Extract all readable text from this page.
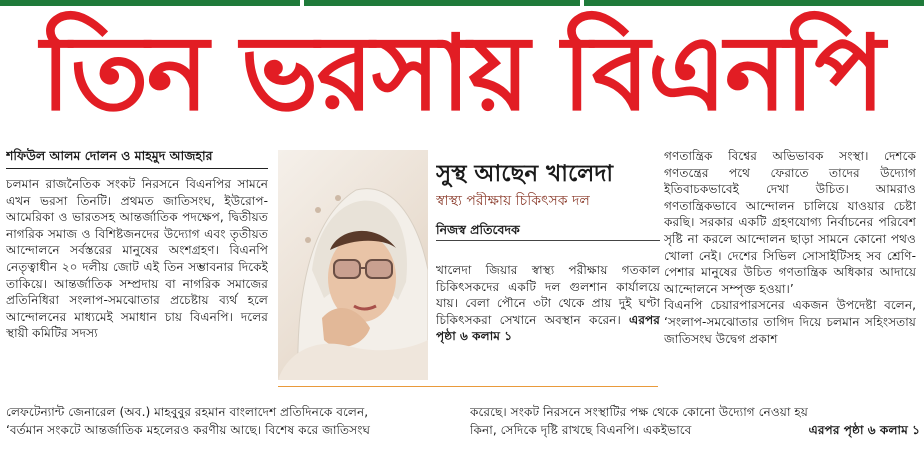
তিন ভরসায় বিএনপি
শফিউল আলম দোলন ও মাহমুদ আজহার

চলমান রাজনৈতিক সংকট নিরসনে বিএনপির সামনে এখন ভরসা তিনটি। প্রথমত জাতিসংঘ, ইউরোপ-আমেরিকা ও ভারতসহ আন্তর্জাতিক পদক্ষেপ, দ্বিতীয়ত নাগরিক সমাজ ও বিশিষ্টজনদের উদ্যোগ এবং তৃতীয়ত আন্দোলনে সর্বস্তরের মানুষের অংশগ্রহণ। বিএনপি নেতৃত্বাধীন ২০ দলীয় জোট এই তিন সম্ভাবনার দিকেই তাকিয়ে। আন্তর্জাতিক সম্প্রদায় বা নাগরিক সমাজের প্রতিনিধিরা সংলাপ-সমঝোতার প্রচেষ্টায় ব্যর্থ হলে আন্দোলনের মাধ্যমেই সমাধান চায় বিএনপি। দলের স্থায়ী কমিটির সদস্য

সুস্থ আছেন খালেদা
স্বাস্থ্য পরীক্ষায় চিকিৎসক দল
নিজস্ব প্রতিবেদক

খালেদা জিয়ার স্বাস্থ্য পরীক্ষায় গতকাল চিকিৎসকদের একটি দল গুলশান কার্যালয়ে যায়। বেলা পৌনে ৩টা থেকে প্রায় দুই ঘণ্টা চিকিৎসকরা সেখানে অবস্থান করেন। এরপর পৃষ্ঠা ৬ কলাম ১

গণতান্ত্রিক বিশ্বের অভিভাবক সংস্থা। দেশকে গণতন্ত্রের পথে ফেরাতে তাদের উদ্যোগ ইতিবাচকভাবেই দেখা উচিত। আমরাও গণতান্ত্রিকভাবে আন্দোলন চালিয়ে যাওয়ার চেষ্টা করছি। সরকার একটি গ্রহণযোগ্য নির্বাচনের পরিবেশ সৃষ্টি না করলে আন্দোলন ছাড়া সামনে কোনো পথও খোলা নেই। দেশের সিভিল সোসাইটিসহ সব শ্রেণি-পেশার মানুষের উচিত গণতান্ত্রিক অধিকার আদায়ে আন্দোলনে সম্পৃক্ত হওয়া।’

বিএনপি চেয়ারপারসনের একজন উপদেষ্টা বলেন, ‘সংলাপ-সমঝোতার তাগিদ দিয়ে চলমান সহিংসতায় জাতিসংঘ উদ্বেগ প্রকাশ

লেফটেন্যান্ট জেনারেল (অব.) মাহবুবুর রহমান বাংলাদেশ প্রতিদিনকে বলেন,
‘বর্তমান সংকটে আন্তর্জাতিক মহলেরও করণীয় আছে। বিশেষ করে জাতিসংঘ
করেছে। সংকট নিরসনে সংস্থাটির পক্ষ থেকে কোনো উদ্যোগ নেওয়া হয়
কিনা, সেদিকে দৃষ্টি রাখছে বিএনপি। একইভাবে	এরপর পৃষ্ঠা ৬ কলাম ১
